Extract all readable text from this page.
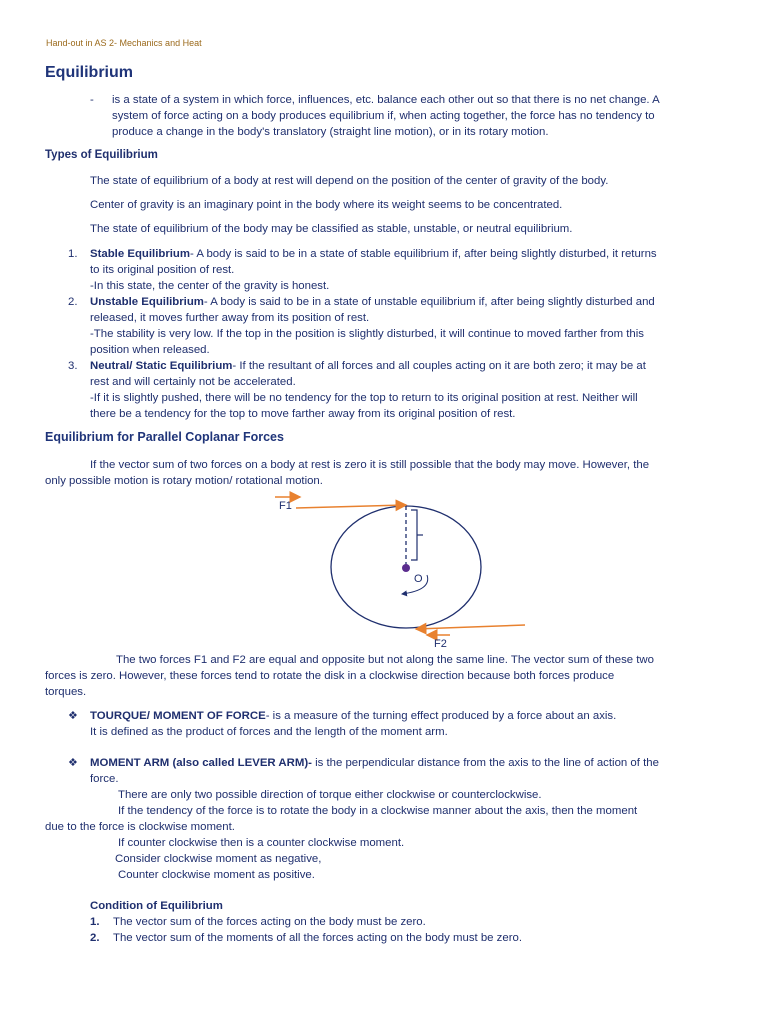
Hand-out in AS 2- Mechanics and Heat
Equilibrium
- is a state of a system in which force, influences, etc. balance each other out so that there is no net change. A
system of force acting on a body produces equilibrium if, when acting together, the force has no tendency to
produce a change in the body's translatory (straight line motion), or in its rotary motion.
Types of Equilibrium
The state of equilibrium of a body at rest will depend on the position of the center of gravity of the body.
Center of gravity is an imaginary point in the body where its weight seems to be concentrated.
The state of equilibrium of the body may be classified as stable, unstable, or neutral equilibrium.
1.	Stable Equilibrium- A body is said to be in a state of stable equilibrium if, after being slightly disturbed, it returns
to its original position of rest.
-In this state, the center of the gravity is honest.
2.	Unstable Equilibrium- A body is said to be in a state of unstable equilibrium if, after being slightly disturbed and
released, it moves further away from its position of rest.
-The stability is very low. If the top in the position is slightly disturbed, it will continue to moved farther from this
position when released.
3.	Neutral/ Static Equilibrium- If the resultant of all forces and all couples acting on it are both zero; it may be at
rest and will certainly not be accelerated.
-If it is slightly pushed, there will be no tendency for the top to return to its original position at rest. Neither will
there be a tendency for the top to move farther away from its original position of rest.
Equilibrium for Parallel Coplanar Forces
If the vector sum of two forces on a body at rest is zero it is still possible that the body may move. However, the
only possible motion is rotary motion/ rotational motion.
F1
O
F2
The two forces F1 and F2 are equal and opposite but not along the same line. The vector sum of these two
forces is zero. However, these forces tend to rotate the disk in a clockwise direction because both forces produce
torques.
❖ TOURQUE/ MOMENT OF FORCE- is a measure of the turning effect produced by a force about an axis.
It is defined as the product of forces and the length of the moment arm.
❖ MOMENT ARM (also called LEVER ARM)- is the perpendicular distance from the axis to the line of action of the
force.
There are only two possible direction of torque either clockwise or counterclockwise.
If the tendency of the force is to rotate the body in a clockwise manner about the axis, then the moment
due to the force is clockwise moment.
If counter clockwise then is a counter clockwise moment.
Consider clockwise moment as negative,
Counter clockwise moment as positive.
Condition of Equilibrium
1. The vector sum of the forces acting on the body must be zero.
2. The vector sum of the moments of all the forces acting on the body must be zero.
